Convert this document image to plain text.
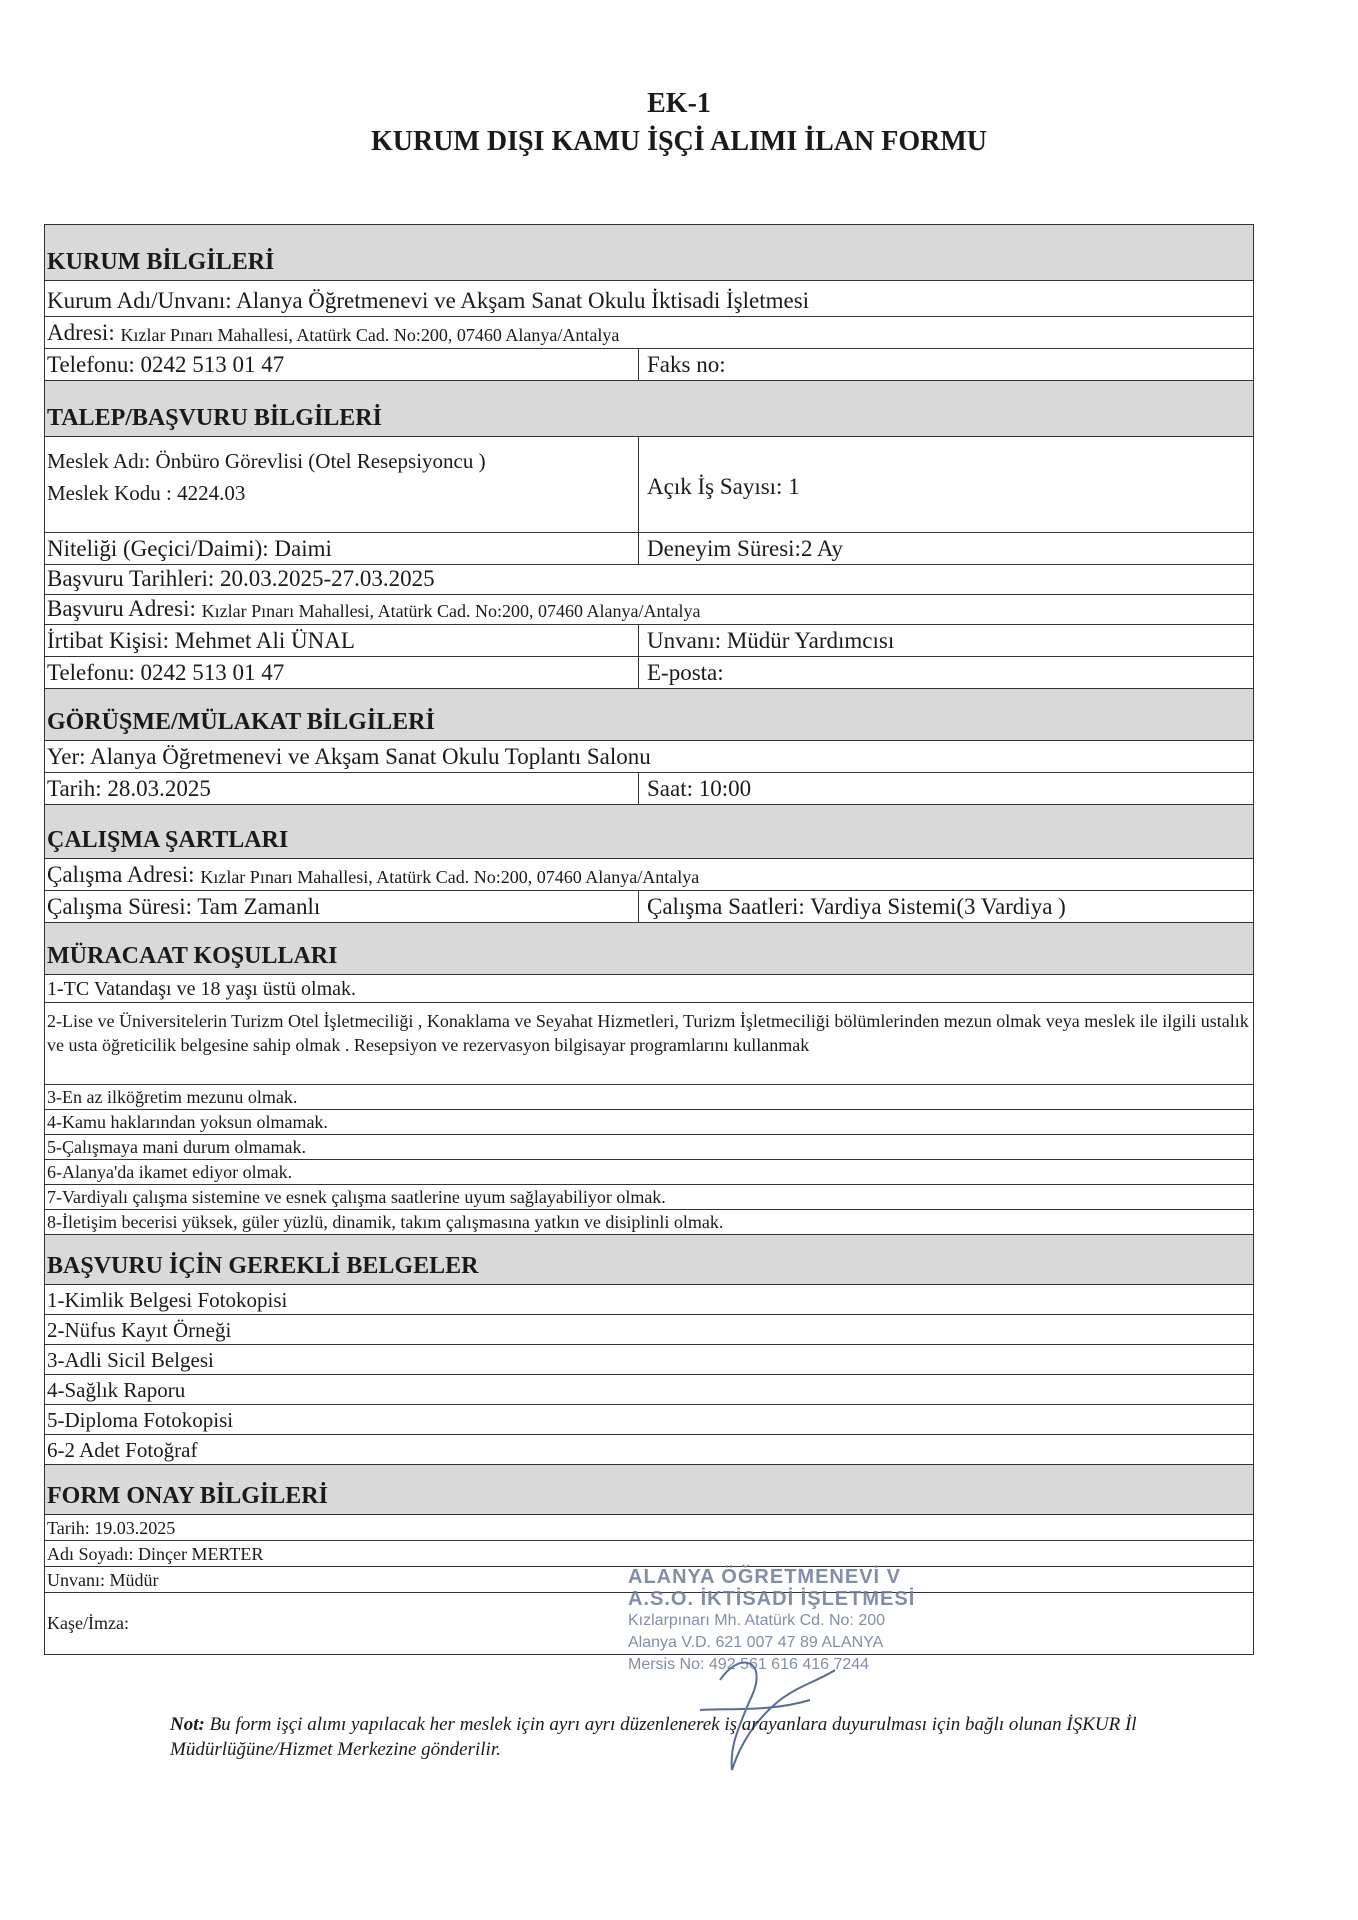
EK-1
KURUM DIŞI KAMU İŞÇİ ALIMI İLAN FORMU
KURUM BİLGİLERİ
Kurum Adı/Unvanı: Alanya Öğretmenevi ve Akşam Sanat Okulu İktisadi İşletmesi
Adresi:
Kızlar Pınarı Mahallesi, Atatürk Cad. No:200, 07460 Alanya/Antalya
Telefonu: 0242 513 01 47	Faks no:
TALEP/BAŞVURU BİLGİLERİ
Meslek Adı: Önbüro Görevlisi (Otel Resepsiyoncu )
Meslek Kodu : 4224.03	Açık İş Sayısı: 1
Niteliği (Geçici/Daimi): Daimi	Deneyim Süresi:2 Ay
Başvuru Tarihleri: 20.03.2025-27.03.2025
Başvuru Adresi:
Kızlar Pınarı Mahallesi, Atatürk Cad. No:200, 07460 Alanya/Antalya
İrtibat Kişisi: Mehmet Ali ÜNAL	Unvanı: Müdür Yardımcısı
Telefonu: 0242 513 01 47	E-posta:
GÖRÜŞME/MÜLAKAT BİLGİLERİ
Yer: Alanya Öğretmenevi ve Akşam Sanat Okulu Toplantı Salonu
Tarih: 28.03.2025	Saat: 10:00
ÇALIŞMA ŞARTLARI
Çalışma Adresi:
Kızlar Pınarı Mahallesi, Atatürk Cad. No:200, 07460 Alanya/Antalya
Çalışma Süresi: Tam Zamanlı	Çalışma Saatleri: Vardiya Sistemi(3 Vardiya )
MÜRACAAT KOŞULLARI
1-TC Vatandaşı ve 18 yaşı üstü olmak.
2-Lise ve Üniversitelerin Turizm Otel İşletmeciliği , Konaklama ve Seyahat Hizmetleri, Turizm İşletmeciliği bölümlerinden mezun olmak veya meslek ile ilgili ustalık ve usta öğreticilik belgesine sahip olmak . Resepsiyon ve rezervasyon bilgisayar programlarını kullanmak
3-En az ilköğretim mezunu olmak.
4-Kamu haklarından yoksun olmamak.
5-Çalışmaya mani durum olmamak.
6-Alanya'da ikamet ediyor olmak.
7-Vardiyalı çalışma sistemine ve esnek çalışma saatlerine uyum sağlayabiliyor olmak.
8-İletişim becerisi yüksek, güler yüzlü, dinamik, takım çalışmasına yatkın ve disiplinli olmak.
BAŞVURU İÇİN GEREKLİ BELGELER
1-Kimlik Belgesi Fotokopisi
2-Nüfus Kayıt Örneği
3-Adli Sicil Belgesi
4-Sağlık Raporu
5-Diploma Fotokopisi
6-2 Adet Fotoğraf
FORM ONAY BİLGİLERİ
Tarih: 19.03.2025
Adı Soyadı: Dinçer MERTER
Unvanı: Müdür
Kaşe/İmza:
ALANYA ÖĞRETMENEVİ V
A.S.O. İKTİSADİ İŞLETMESİ
Kızlarpınarı Mh. Atatürk Cd. No: 200
Alanya V.D. 621 007 47 89 ALANYA
Mersis No: 492 561 616 416 7244
Not: Bu form işçi alımı yapılacak her meslek için ayrı ayrı düzenlenerek iş arayanlara duyurulması için bağlı olunan İŞKUR İl Müdürlüğüne/Hizmet Merkezine gönderilir.
